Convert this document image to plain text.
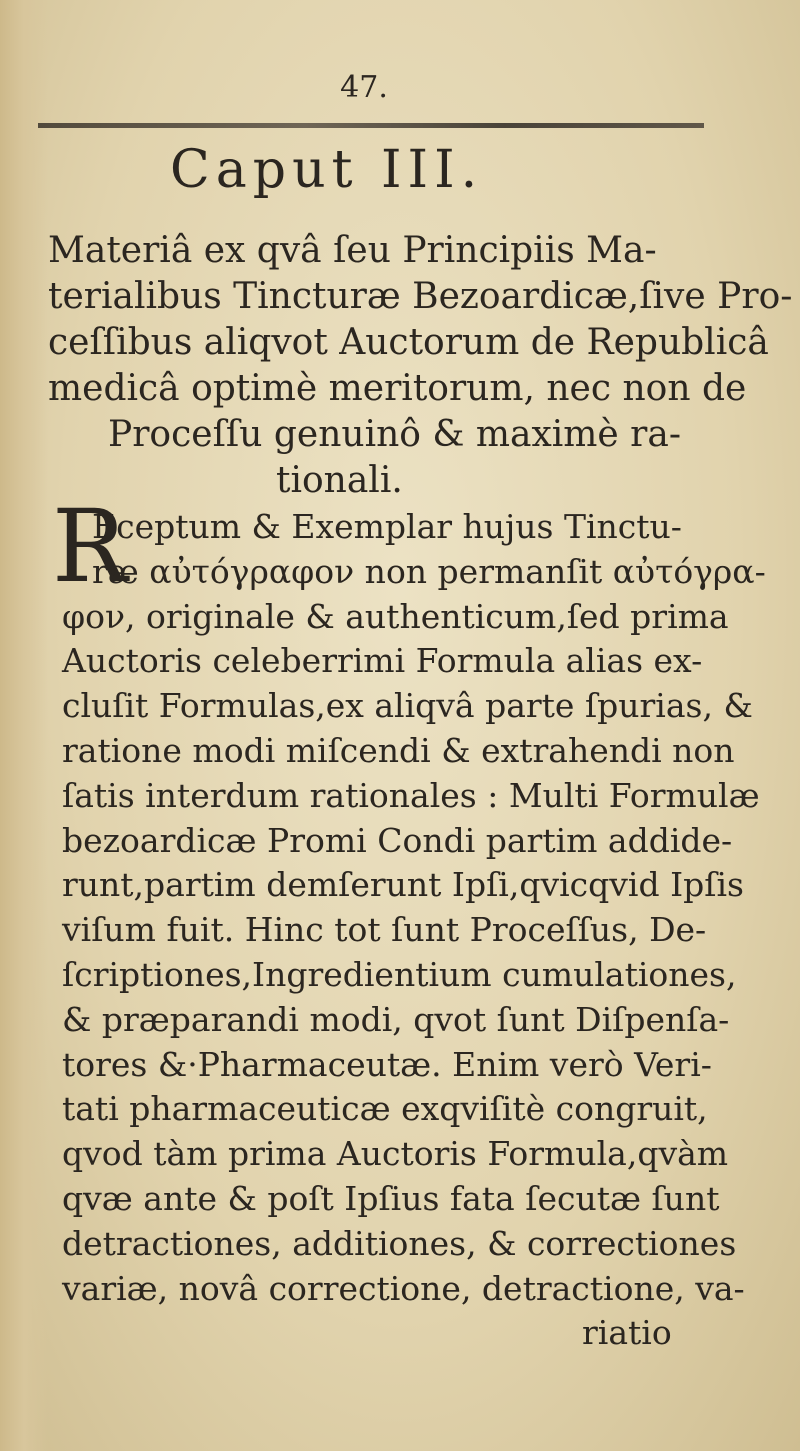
47.
Caput III.
Materiâ ex qvâ ſeu Principiis Ma-
terialibus Tincturæ Bezoardicæ,ſive Pro-
ceſſibus aliqvot Auctorum de Republicâ
medicâ optimè meritorum, nec non de
Proceſſu genuinô & maximè ra-
tionali.
R
Eceptum & Exemplar hujus Tinctu-
ræ αὐτόγραφον non permanſit αὐτόγρα-
φον, originale & authenticum,ſed prima
Auctoris celeberrimi Formula alias ex-
cluſit Formulas,ex aliqvâ parte ſpurias, &
ratione modi miſcendi & extrahendi non
ſatis interdum rationales : Multi Formulæ
bezoardicæ Promi Condi partim addide-
runt,partim demſerunt Ipſi,qvicqvid Ipſis
viſum fuit. Hinc tot ſunt Proceſſus, De-
ſcriptiones,Ingredientium cumulationes,
& præparandi modi, qvot ſunt Diſpenſa-
tores &·Pharmaceutæ. Enim verò Veri-
tati pharmaceuticæ exqviſitè congruit,
qvod tàm prima Auctoris Formula,qvàm
qvæ ante & poſt Ipſius fata ſecutæ ſunt
detractiones, additiones, & correctiones
variæ, novâ correctione, detractione, va-
riatio
